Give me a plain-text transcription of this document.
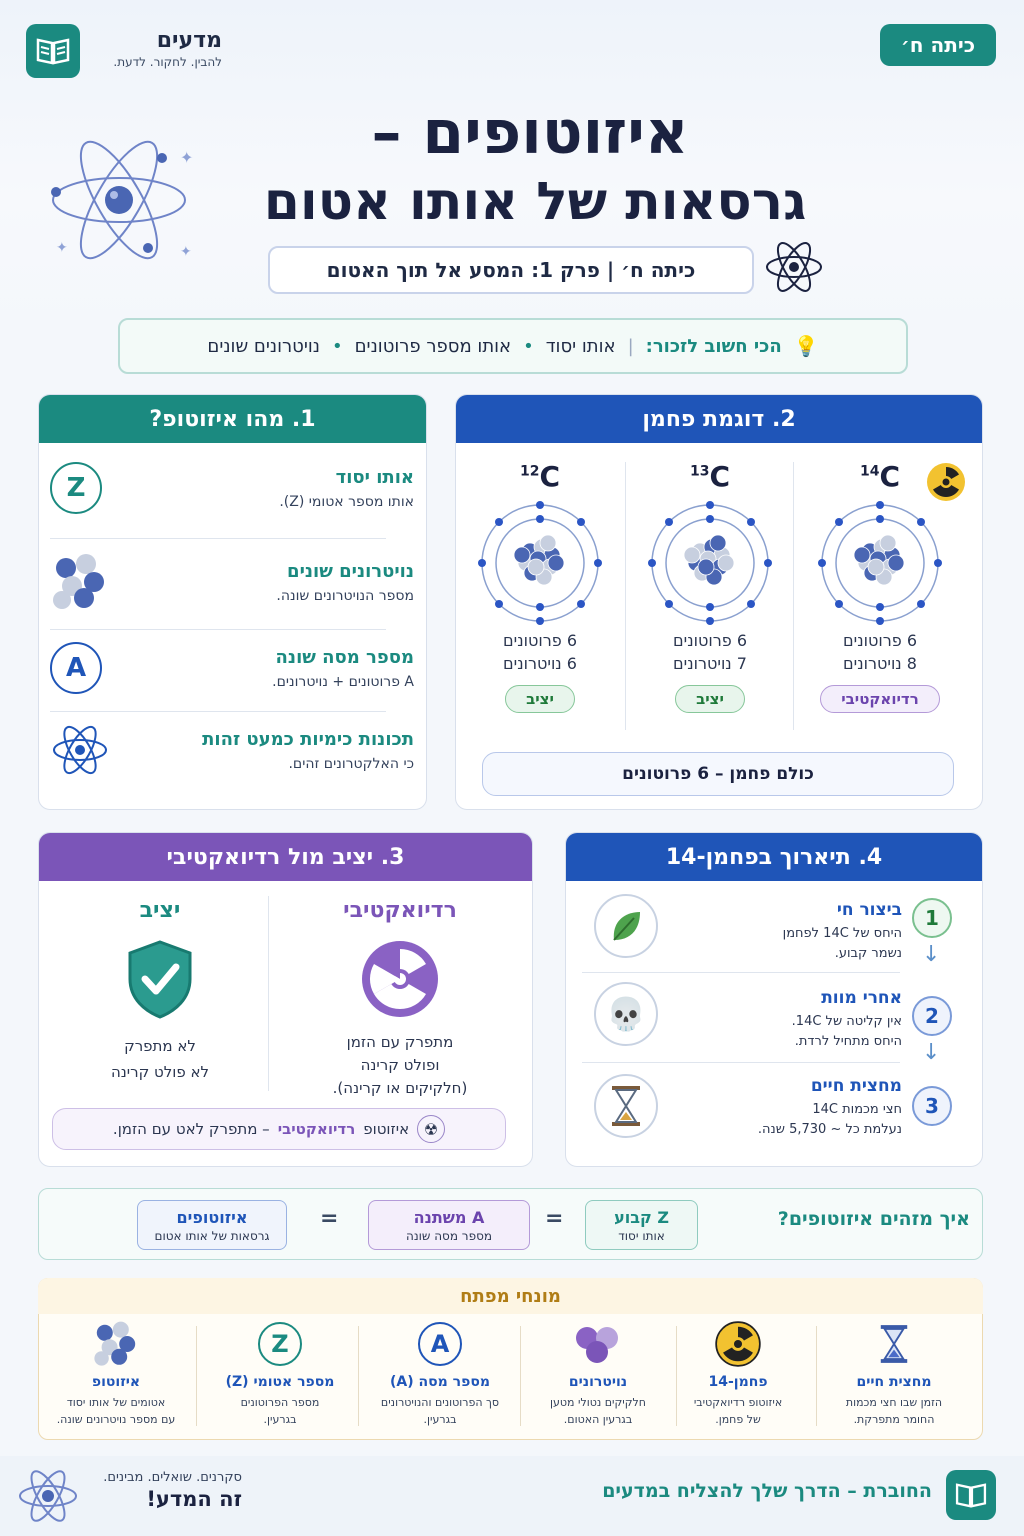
מדעים
להבין. לחקור. לדעת.
כיתה ח׳
✦
✦	✦
איזוטופים –
גרסאות של אותו אטום
כיתה ח׳ | פרק 1: המסע אל תוך האטום
💡
הכי חשוב לזכור:
|
אותו יסוד
•
אותו מספר פרוטונים
•
נויטרונים שונים
1. מהו איזוטופ?
אותו יסוד
אותו מספר אטומי (Z).
Z
נויטרונים שונים
מספר הנויטרונים שונה.
מספר מסה שונה
A פרוטונים + נויטרונים.
A
תכונות כימיות כמעט זהות
כי האלקטרונים זהים.
2. דוגמת פחמן
$^{12}$C
6 פרוטונים
6 נויטרונים
יציב
$^{13}$C
6 פרוטונים
7 נויטרונים
יציב
$^{14}$C
6 פרוטונים
8 נויטרונים
רדיואקטיבי
כולם פחמן – 6 פרוטונים
3. יציב מול רדיואקטיבי
יציב
לא מתפרק
לא פולט קרינה
רדיואקטיבי
מתפרק עם הזמן
ופולט קרינה
(חלקיקים או קרינה).
☢
איזוטופ
רדיואקטיבי
– מתפרק לאט עם הזמן.
4. תיארוך בפחמן-14
1
2
3
↓
↓
ביצור חי
היחס של 14C לפחמן
נשמר קבוע.
אחרי מוות
אין קליטה של 14C.
היחס מתחיל לרדת.
מחצית חיים
חצי מכמות 14C
נעלמת כל ~ 5,730 שנה.
💀
איך מזהים איזוטופים?
Z קבוע
אותו יסוד
=
A משתנה
מספר מסה שונה
=
איזוטופים
גרסאות של אותו אטום
מונחי מפתח
מחצית חיים
הזמן שבו חצי מכמות
החומר מתפרקת.
פחמן-14
איזוטופ רדיואקטיבי
של פחמן.
נויטרונים
חלקיקים נטולי מטען
בגרעין האטום.
A
מספר מסה (A)
סך הפרוטונים והנויטרונים
בגרעין.
Z
מספר אטומי (Z)
מספר הפרוטונים
בגרעין.
איזוטופ
אטומים של אותו יסוד
עם מספר נויטרונים שונה.
החוברת – הדרך שלך להצליח במדעים
סקרנים. שואלים. מבינים.
זה המדע!
